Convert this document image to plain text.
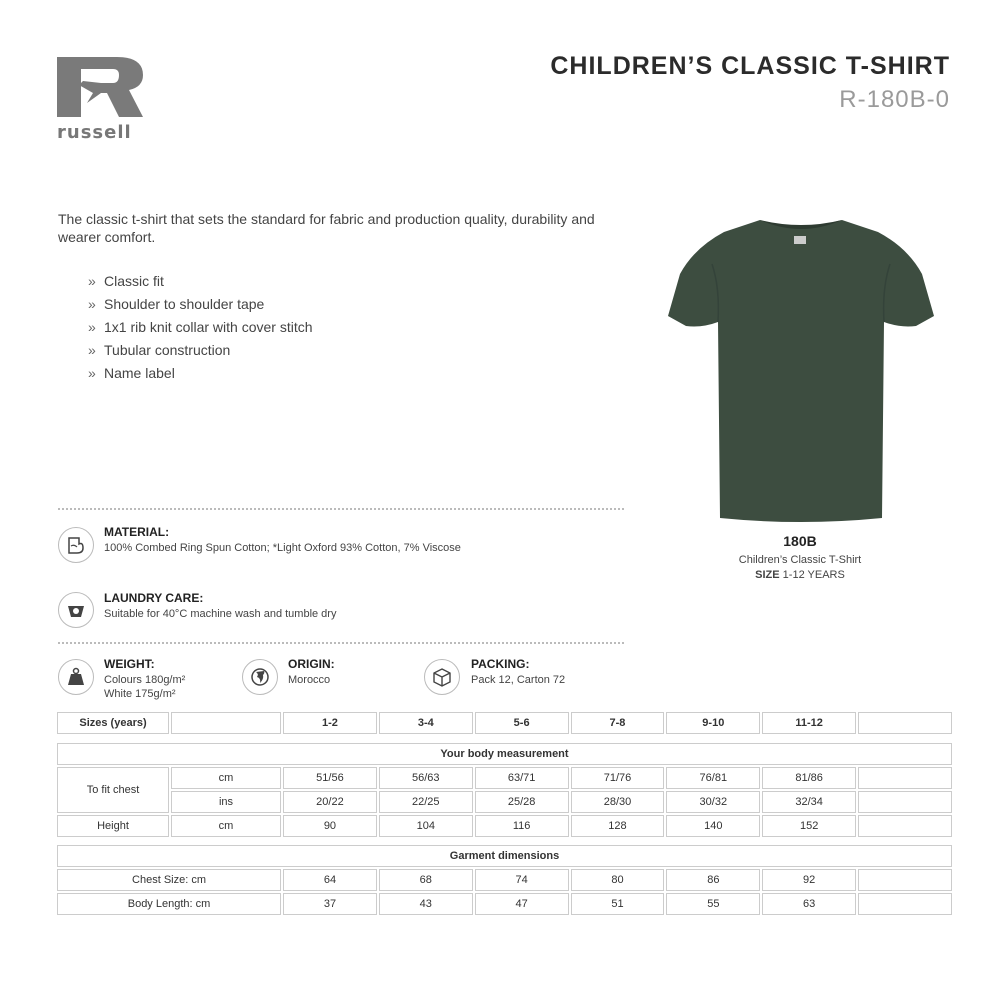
russell
CHILDREN’S CLASSIC T-SHIRT
R-180B-0
The classic t-shirt that sets the standard for fabric and production quality, durability and wearer comfort.
» Classic fit
» Shoulder to shoulder tape
» 1x1 rib knit collar with cover stitch
» Tubular construction
» Name label
180B
Children’s Classic T-Shirt
SIZE 1-12 YEARS
MATERIAL:
100% Combed Ring Spun Cotton; *Light Oxford 93% Cotton, 7% Viscose
LAUNDRY CARE:
Suitable for 40°C machine wash and tumble dry
WEIGHT:
Colours 180g/m²
White 175g/m²
ORIGIN:
Morocco
PACKING:
Pack 12, Carton 72
Sizes (years)		1-2	3-4	5-6	7-8	9-10	11-12	
Your body measurement								
To fit chest	cm	51/56	56/63	63/71	71/76	76/81	81/86	
	ins	20/22	22/25	25/28	28/30	30/32	32/34	
Height	cm	90	104	116	128	140	152	
Garment dimensions							
Chest Size: cm	64	68	74	80	86	92	
Body Length: cm	37	43	47	51	55	63	
